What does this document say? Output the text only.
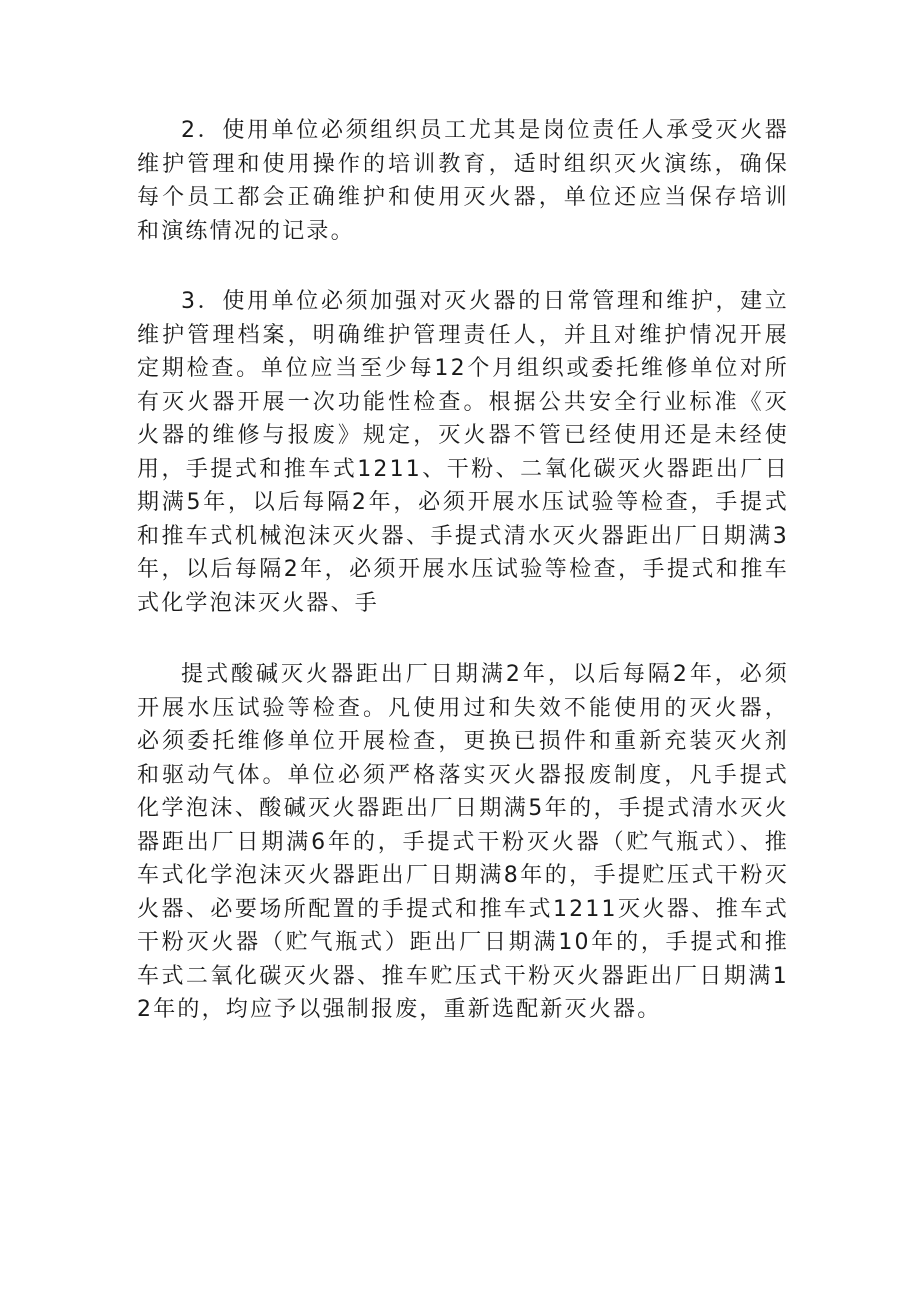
2．使用单位必须组织员工尤其是岗位责任人承受灭火器维护管理和使用操作的培训教育，适时组织灭火演练，确保每个员工都会正确维护和使用灭火器，单位还应当保存培训和演练情况的记录。

3．使用单位必须加强对灭火器的日常管理和维护，建立维护管理档案，明确维护管理责任人，并且对维护情况开展定期检查。单位应当至少每12个月组织或委托维修单位对所有灭火器开展一次功能性检查。根据公共安全行业标准《灭火器的维修与报废》规定，灭火器不管已经使用还是未经使用，手提式和推车式1211、干粉、二氧化碳灭火器距出厂日期满5年，以后每隔2年，必须开展水压试验等检查，手提式和推车式机械泡沫灭火器、手提式清水灭火器距出厂日期满3年，以后每隔2年，必须开展水压试验等检查，手提式和推车式化学泡沫灭火器、手

提式酸碱灭火器距出厂日期满2年，以后每隔2年，必须开展水压试验等检查。凡使用过和失效不能使用的灭火器，必须委托维修单位开展检查，更换已损件和重新充装灭火剂和驱动气体。单位必须严格落实灭火器报废制度，凡手提式化学泡沫、酸碱灭火器距出厂日期满5年的，手提式清水灭火器距出厂日期满6年的，手提式干粉灭火器（贮气瓶式）、推车式化学泡沫灭火器距出厂日期满8年的，手提贮压式干粉灭火器、必要场所配置的手提式和推车式1211灭火器、推车式干粉灭火器（贮气瓶式）距出厂日期满10年的，手提式和推车式二氧化碳灭火器、推车贮压式干粉灭火器距出厂日期满12年的，均应予以强制报废，重新选配新灭火器。
